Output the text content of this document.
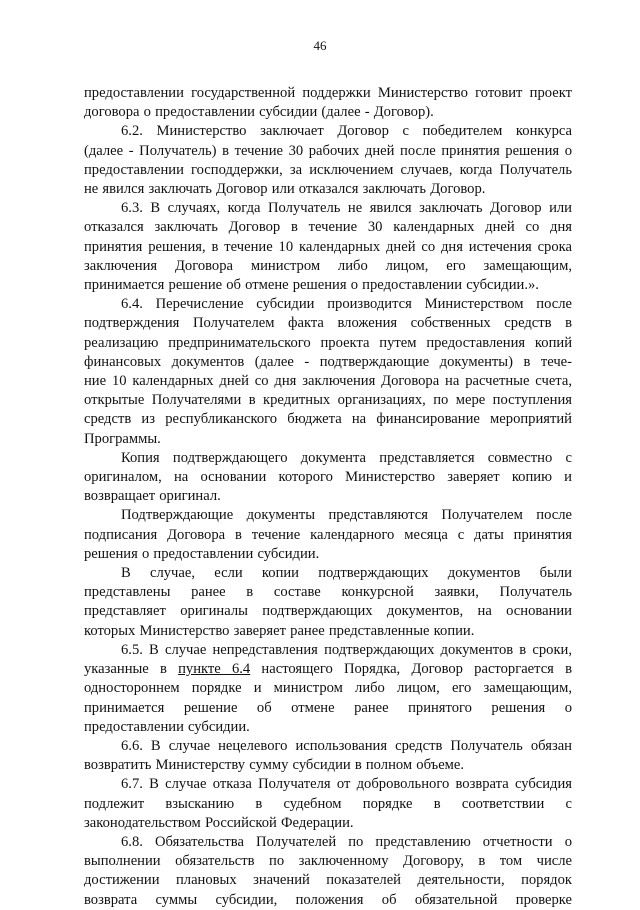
46
предоставлении государственной поддержки Министерство готовит проект
договора о предоставлении субсидии (далее - Договор).
6.2. Министерство заключает Договор с победителем конкурса
(далее - Получатель) в течение 30 рабочих дней после принятия решения о
предоставлении господдержки, за исключением случаев, когда Получатель
не явился заключать Договор или отказался заключать Договор.
6.3. В случаях, когда Получатель не явился заключать Договор или
отказался заключать Договор в течение 30 календарных дней со дня
принятия решения, в течение 10 календарных дней со дня истечения срока
заключения Договора министром либо лицом, его замещающим,
принимается решение об отмене решения о предоставлении субсидии.».
6.4. Перечисление субсидии производится Министерством после
подтверждения Получателем факта вложения собственных средств в
реализацию предпринимательского проекта путем предоставления копий
финансовых документов (далее - подтверждающие документы) в тече-
ние 10 календарных дней со дня заключения Договора на расчетные счета,
открытые Получателями в кредитных организациях, по мере поступления
средств из республиканского бюджета на финансирование мероприятий
Программы.
Копия подтверждающего документа представляется совместно с
оригиналом, на основании которого Министерство заверяет копию и
возвращает оригинал.
Подтверждающие документы представляются Получателем после
подписания Договора в течение календарного месяца с даты принятия
решения о предоставлении субсидии.
В случае, если копии подтверждающих документов были
представлены ранее в составе конкурсной заявки, Получатель
представляет оригиналы подтверждающих документов, на основании
которых Министерство заверяет ранее представленные копии.
6.5. В случае непредставления подтверждающих документов в сроки,
указанные в пункте 6.4 настоящего Порядка, Договор расторгается в
одностороннем порядке и министром либо лицом, его замещающим,
принимается решение об отмене ранее принятого решения о
предоставлении субсидии.
6.6. В случае нецелевого использования средств Получатель обязан
возвратить Министерству сумму субсидии в полном объеме.
6.7. В случае отказа Получателя от добровольного возврата субсидия
подлежит взысканию в судебном порядке в соответствии с
законодательством Российской Федерации.
6.8. Обязательства Получателей по представлению отчетности о
выполнении обязательств по заключенному Договору, в том числе
достижении плановых значений показателей деятельности, порядок
возврата суммы субсидии, положения об обязательной проверке
